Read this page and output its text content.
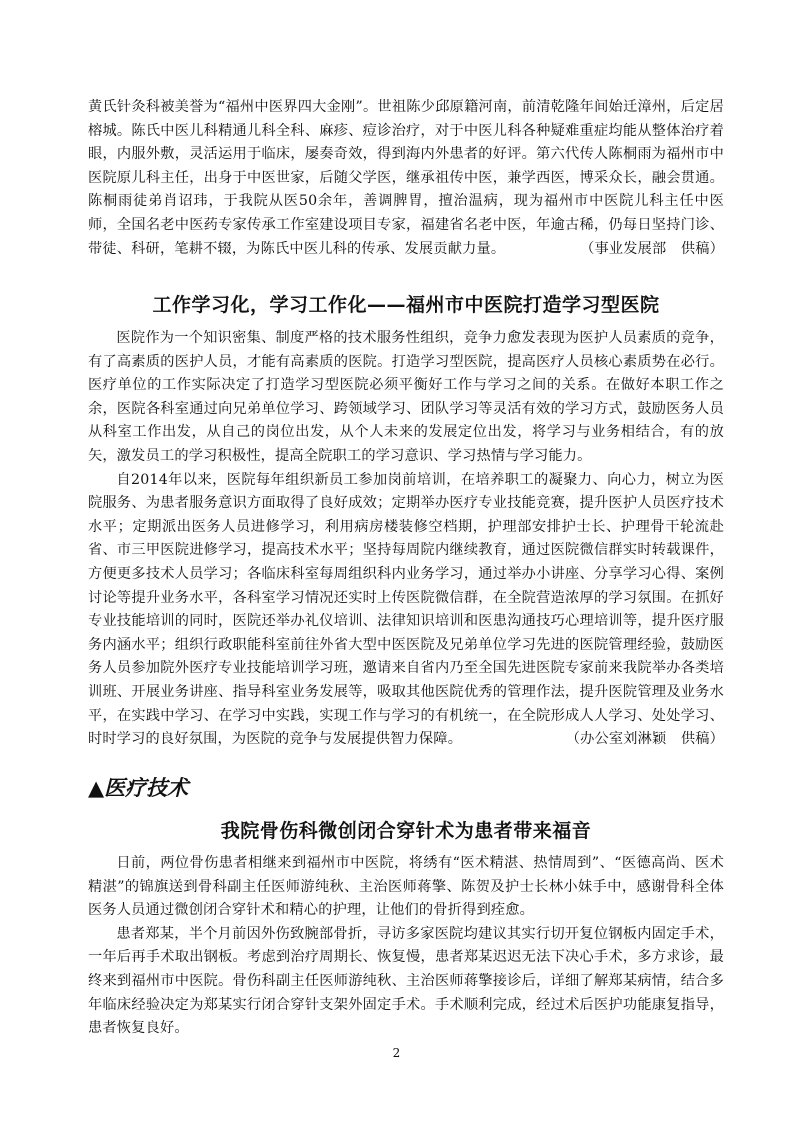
黄氏针灸科被美誉为“福州中医界四大金刚”。世祖陈少邱原籍河南，前清乾隆年间始迁漳州，后定居榕城。陈氏中医儿科精通儿科全科、麻疹、痘诊治疗，对于中医儿科各种疑难重症均能从整体治疗着眼，内服外敷，灵活运用于临床，屡奏奇效，得到海内外患者的好评。第六代传人陈桐雨为福州市中医院原儿科主任，出身于中医世家，后随父学医，继承祖传中医，兼学西医，博采众长，融会贯通。陈桐雨徒弟肖诏玮，于我院从医50余年，善调脾胃，擅治温病，现为福州市中医院儿科主任中医师，全国名老中医药专家传承工作室建设项目专家，福建省名老中医，年逾古稀，仍每日坚持门诊、带徒、科研，笔耕不辍，为陈氏中医儿科的传承、发展贡献力量。	（事业发展部　供稿）

工作学习化，学习工作化——福州市中医院打造学习型医院

医院作为一个知识密集、制度严格的技术服务性组织，竞争力愈发表现为医护人员素质的竞争，有了高素质的医护人员，才能有高素质的医院。打造学习型医院，提高医疗人员核心素质势在必行。医疗单位的工作实际决定了打造学习型医院必须平衡好工作与学习之间的关系。在做好本职工作之余，医院各科室通过向兄弟单位学习、跨领域学习、团队学习等灵活有效的学习方式，鼓励医务人员从科室工作出发，从自己的岗位出发，从个人未来的发展定位出发，将学习与业务相结合，有的放矢，激发员工的学习积极性，提高全院职工的学习意识、学习热情与学习能力。

自2014年以来，医院每年组织新员工参加岗前培训，在培养职工的凝聚力、向心力，树立为医院服务、为患者服务意识方面取得了良好成效；定期举办医疗专业技能竞赛，提升医护人员医疗技术水平；定期派出医务人员进修学习，利用病房楼装修空档期，护理部安排护士长、护理骨干轮流赴省、市三甲医院进修学习，提高技术水平；坚持每周院内继续教育，通过医院微信群实时转载课件，方便更多技术人员学习；各临床科室每周组织科内业务学习，通过举办小讲座、分享学习心得、案例讨论等提升业务水平，各科室学习情况还实时上传医院微信群，在全院营造浓厚的学习氛围。在抓好专业技能培训的同时，医院还举办礼仪培训、法律知识培训和医患沟通技巧心理培训等，提升医疗服务内涵水平；组织行政职能科室前往外省大型中医医院及兄弟单位学习先进的医院管理经验，鼓励医务人员参加院外医疗专业技能培训学习班，邀请来自省内乃至全国先进医院专家前来我院举办各类培训班、开展业务讲座、指导科室业务发展等，吸取其他医院优秀的管理作法，提升医院管理及业务水平，在实践中学习、在学习中实践，实现工作与学习的有机统一，在全院形成人人学习、处处学习、时时学习的良好氛围，为医院的竞争与发展提供智力保障。	（办公室刘淋颖　供稿）

▲医疗技术
我院骨伤科微创闭合穿针术为患者带来福音

日前，两位骨伤患者相继来到福州市中医院，将绣有“医术精湛、热情周到”、“医德高尚、医术精湛”的锦旗送到骨科副主任医师游纯秋、主治医师蒋擎、陈贺及护士长林小妹手中，感谢骨科全体医务人员通过微创闭合穿针术和精心的护理，让他们的骨折得到痊愈。

患者郑某，半个月前因外伤致腕部骨折，寻访多家医院均建议其实行切开复位钢板内固定手术，一年后再手术取出钢板。考虑到治疗周期长、恢复慢，患者郑某迟迟无法下决心手术，多方求诊，最终来到福州市中医院。骨伤科副主任医师游纯秋、主治医师蒋擎接诊后，详细了解郑某病情，结合多年临床经验决定为郑某实行闭合穿针支架外固定手术。手术顺利完成，经过术后医护功能康复指导，患者恢复良好。

2
